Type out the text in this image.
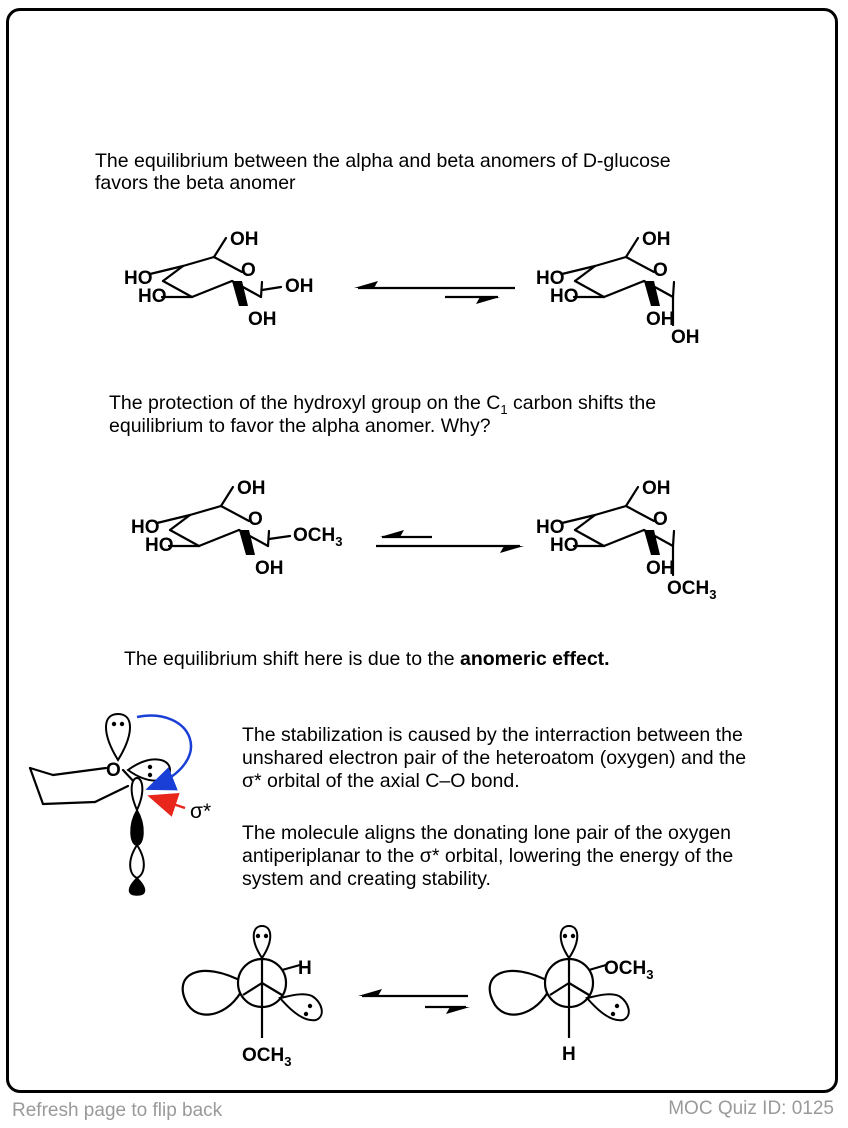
The equilibrium between the alpha and beta anomers of D-glucose
favors the beta anomer
The protection of the hydroxyl group on the $C_1$ carbon shifts the
equilibrium to favor the alpha anomer. Why?
The equilibrium shift here is due to the anomeric effect.
The stabilization is caused by the interraction between the
unshared electron pair of the heteroatom (oxygen) and the
σ* orbital of the axial C–O bond.
The molecule aligns the donating lone pair of the oxygen
antiperiplanar to the σ* orbital, lowering the energy of the
system and creating stability.
OH
HO
HO
O
OH
OH
OH
HO
HO
O
OH
OH
OH
HO
HO
O
$OCH_3$
OH
OH
HO
HO
O
OH
$OCH_3$
O
σ*
H
$OCH_3$
$OCH_3$
H
Refresh page to flip back	MOC Quiz ID: 0125
